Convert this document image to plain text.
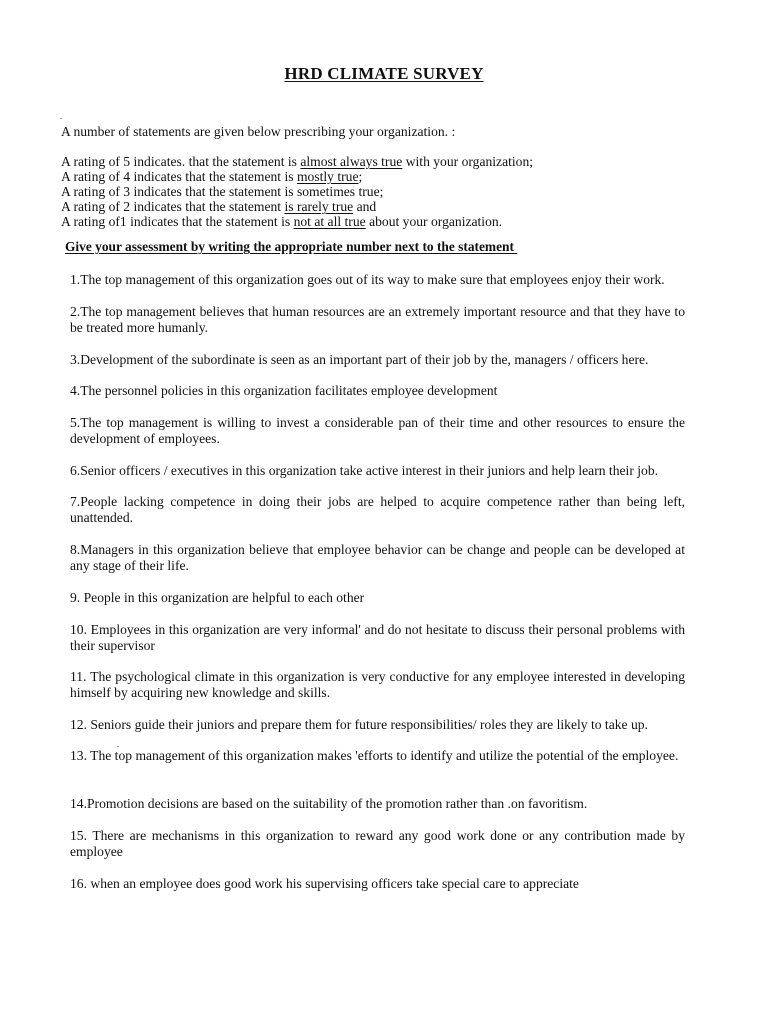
HRD CLIMATE SURVEY
.

A number of statements are given below prescribing your organization. :

A rating of 5 indicates. that the statement is almost always true with your organization;
A rating of 4 indicates that the statement is mostly true;
A rating of 3 indicates that the statement is sometimes true;
A rating of 2 indicates that the statement is rarely true and
A rating of1 indicates that the statement is not at all true about your organization.

Give your assessment by writing the appropriate number next to the statement

1.The top management of this organization goes out of its way to make sure that employees enjoy their work.
2.The top management believes that human resources are an extremely important resource and that they have to be treated more humanly.
3.Development of the subordinate is seen as an important part of their job by the, managers / officers here.
4.The personnel policies in this organization facilitates employee development
5.The top management is willing to invest a considerable pan of their time and other resources to ensure the development of employees.
6.Senior officers / executives in this organization take active interest in their juniors and help learn their job.
7.People lacking competence in doing their jobs are helped to acquire competence rather than being left, unattended.
8.Managers in this organization believe that employee behavior can be change and people can be developed at any stage of their life.
9. People in this organization are helpful to each other
10. Employees in this organization are very informal' and do not hesitate to discuss their personal problems with their supervisor
11. The psychological climate in this organization is very conductive for any employee interested in developing himself by acquiring new knowledge and skills.
12. Seniors guide their juniors and prepare them for future responsibilities/ roles they are likely to take up.
13. The top management of this organization makes 'efforts to identify and utilize the potential of the employee.
14.Promotion decisions are based on the suitability of the promotion rather than .on favoritism.
15. There are mechanisms in this organization to reward any good work done or any contribution made by employee
16. when an employee does good work his supervising officers take special care to appreciate
.
